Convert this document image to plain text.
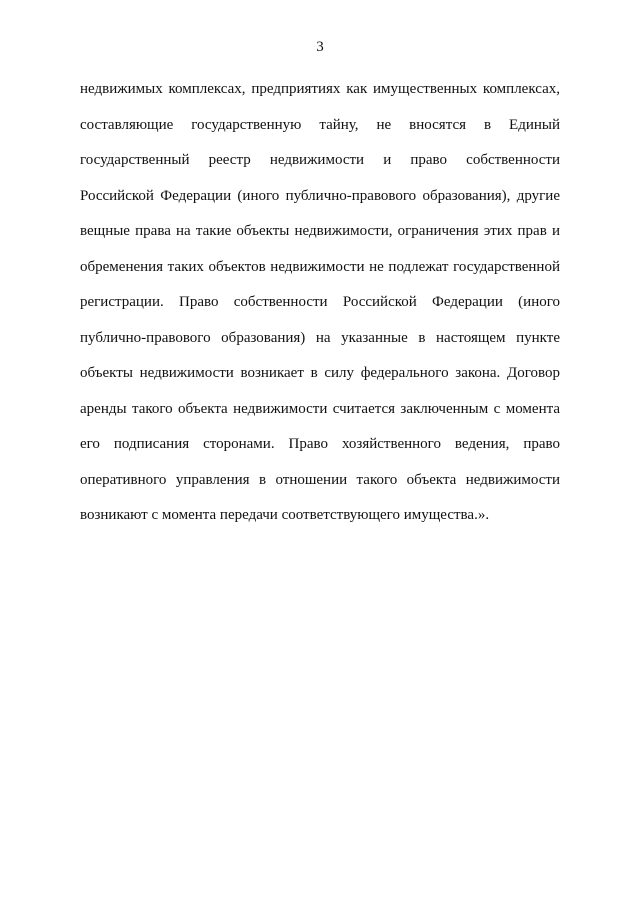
3
недвижимых комплексах, предприятиях как имущественных комплексах,
составляющие государственную тайну, не вносятся в Единый
государственный реестр недвижимости и право собственности
Российской Федерации (иного публично-правового образования), другие
вещные права на такие объекты недвижимости, ограничения этих прав и
обременения таких объектов недвижимости не подлежат государственной
регистрации. Право собственности Российской Федерации (иного
публично-правового образования) на указанные в настоящем пункте
объекты недвижимости возникает в силу федерального закона. Договор
аренды такого объекта недвижимости считается заключенным с момента
его подписания сторонами. Право хозяйственного ведения, право
оперативного управления в отношении такого объекта недвижимости
возникают с момента передачи соответствующего имущества.».
